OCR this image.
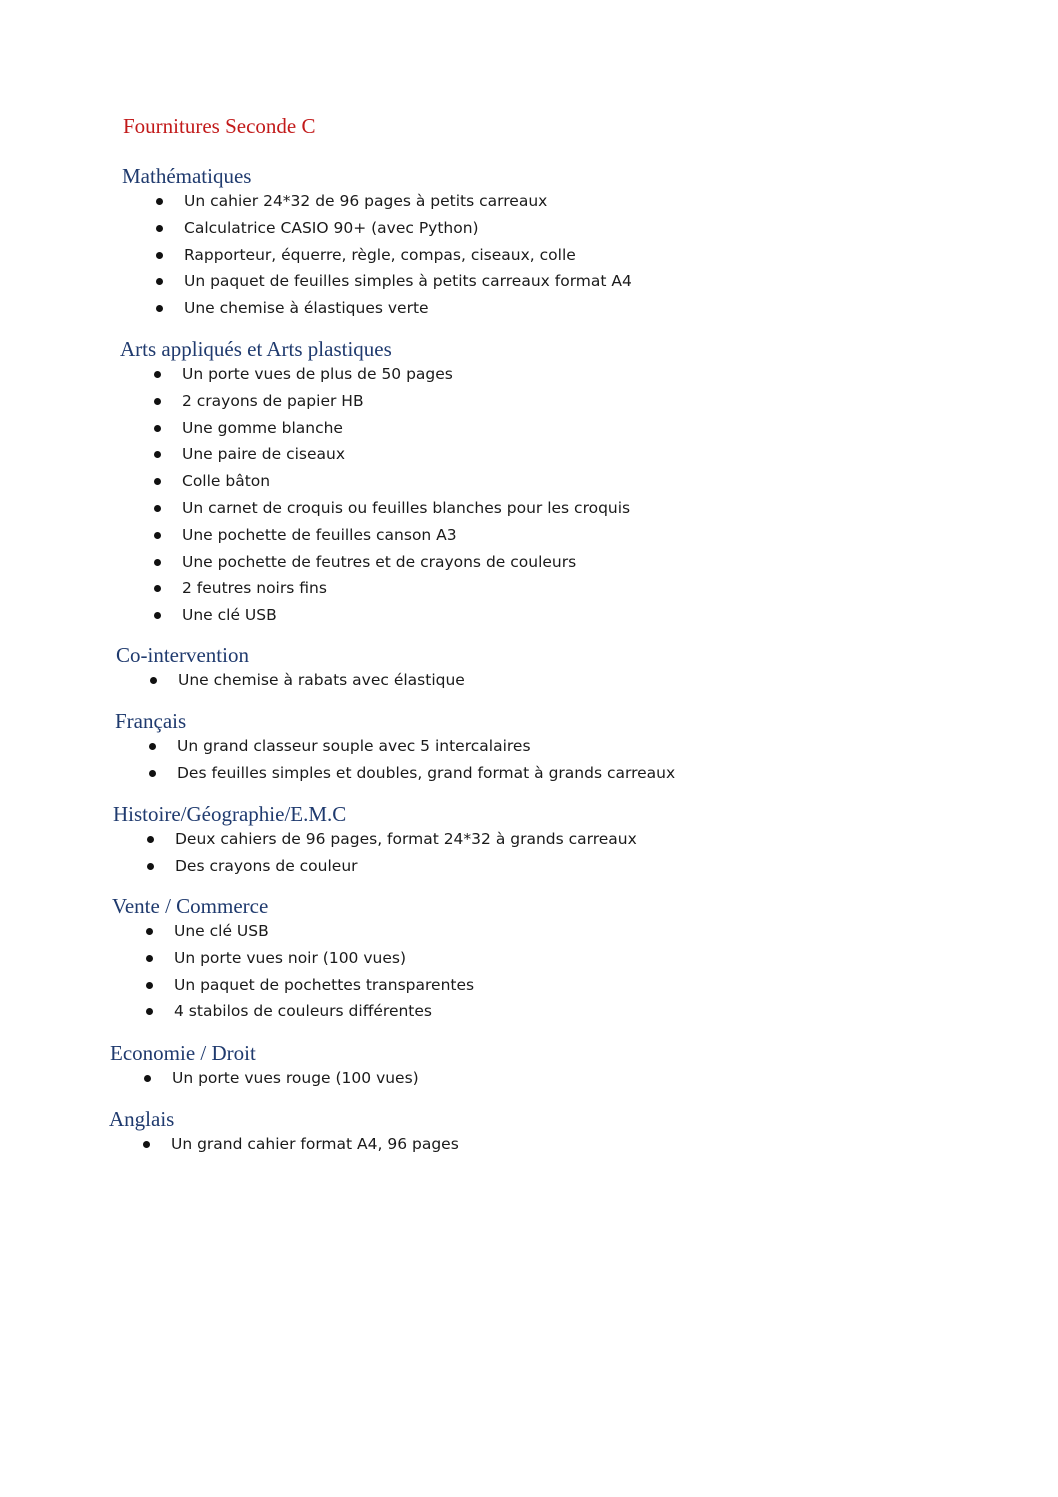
Fournitures Seconde C
Mathématiques
Un cahier 24*32 de 96 pages à petits carreaux
Calculatrice CASIO 90+ (avec Python)
Rapporteur, équerre, règle, compas, ciseaux, colle
Un paquet de feuilles simples à petits carreaux format A4
Une chemise à élastiques verte
Arts appliqués et Arts plastiques
Un porte vues de plus de 50 pages
2 crayons de papier HB
Une gomme blanche
Une paire de ciseaux
Colle bâton
Un carnet de croquis ou feuilles blanches pour les croquis
Une pochette de feuilles canson A3
Une pochette de feutres et de crayons de couleurs
2 feutres noirs fins
Une clé USB
Co-intervention
Une chemise à rabats avec élastique
Français
Un grand classeur souple avec 5 intercalaires
Des feuilles simples et doubles, grand format à grands carreaux
Histoire/Géographie/E.M.C
Deux cahiers de 96 pages, format 24*32 à grands carreaux
Des crayons de couleur
Vente / Commerce
Une clé USB
Un porte vues noir (100 vues)
Un paquet de pochettes transparentes
4 stabilos de couleurs différentes
Economie / Droit
Un porte vues rouge (100 vues)
Anglais
Un grand cahier format A4, 96 pages
